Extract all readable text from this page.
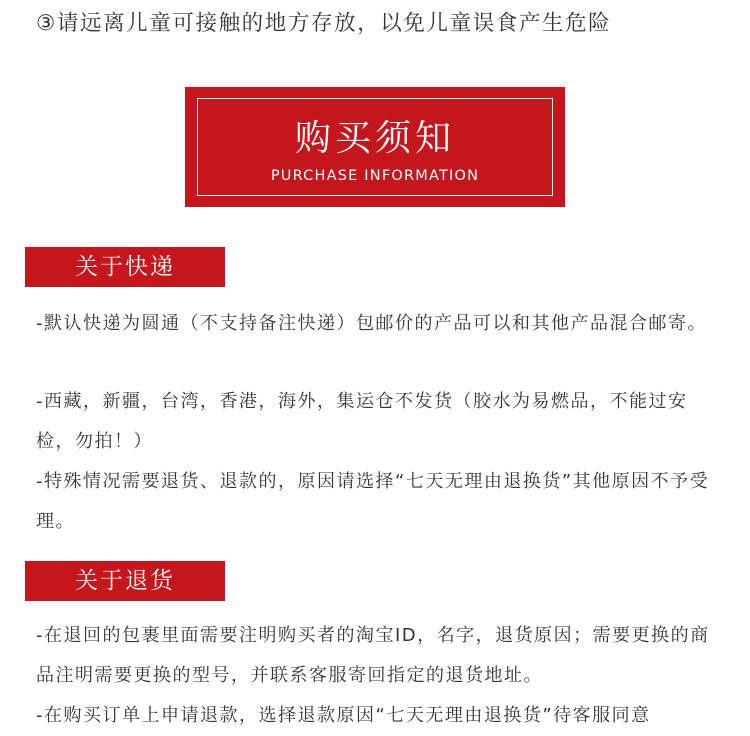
③请远离儿童可接触的地方存放，以免儿童误食产生危险
购买须知
PURCHASE INFORMATION
关于快递

-默认快递为圆通（不支持备注快递）包邮价的产品可以和其他产品混合邮寄。

-西藏，新疆，台湾，香港，海外，集运仓不发货（胶水为易燃品，不能过安检，勿拍！）

-特殊情况需要退货、退款的，原因请选择“七天无理由退换货”其他原因不予受理。

关于退货

-在退回的包裹里面需要注明购买者的淘宝ID，名字，退货原因；需要更换的商品注明需要更换的型号，并联系客服寄回指定的退货地址。

-在购买订单上申请退款，选择退款原因“七天无理由退换货”待客服同意
